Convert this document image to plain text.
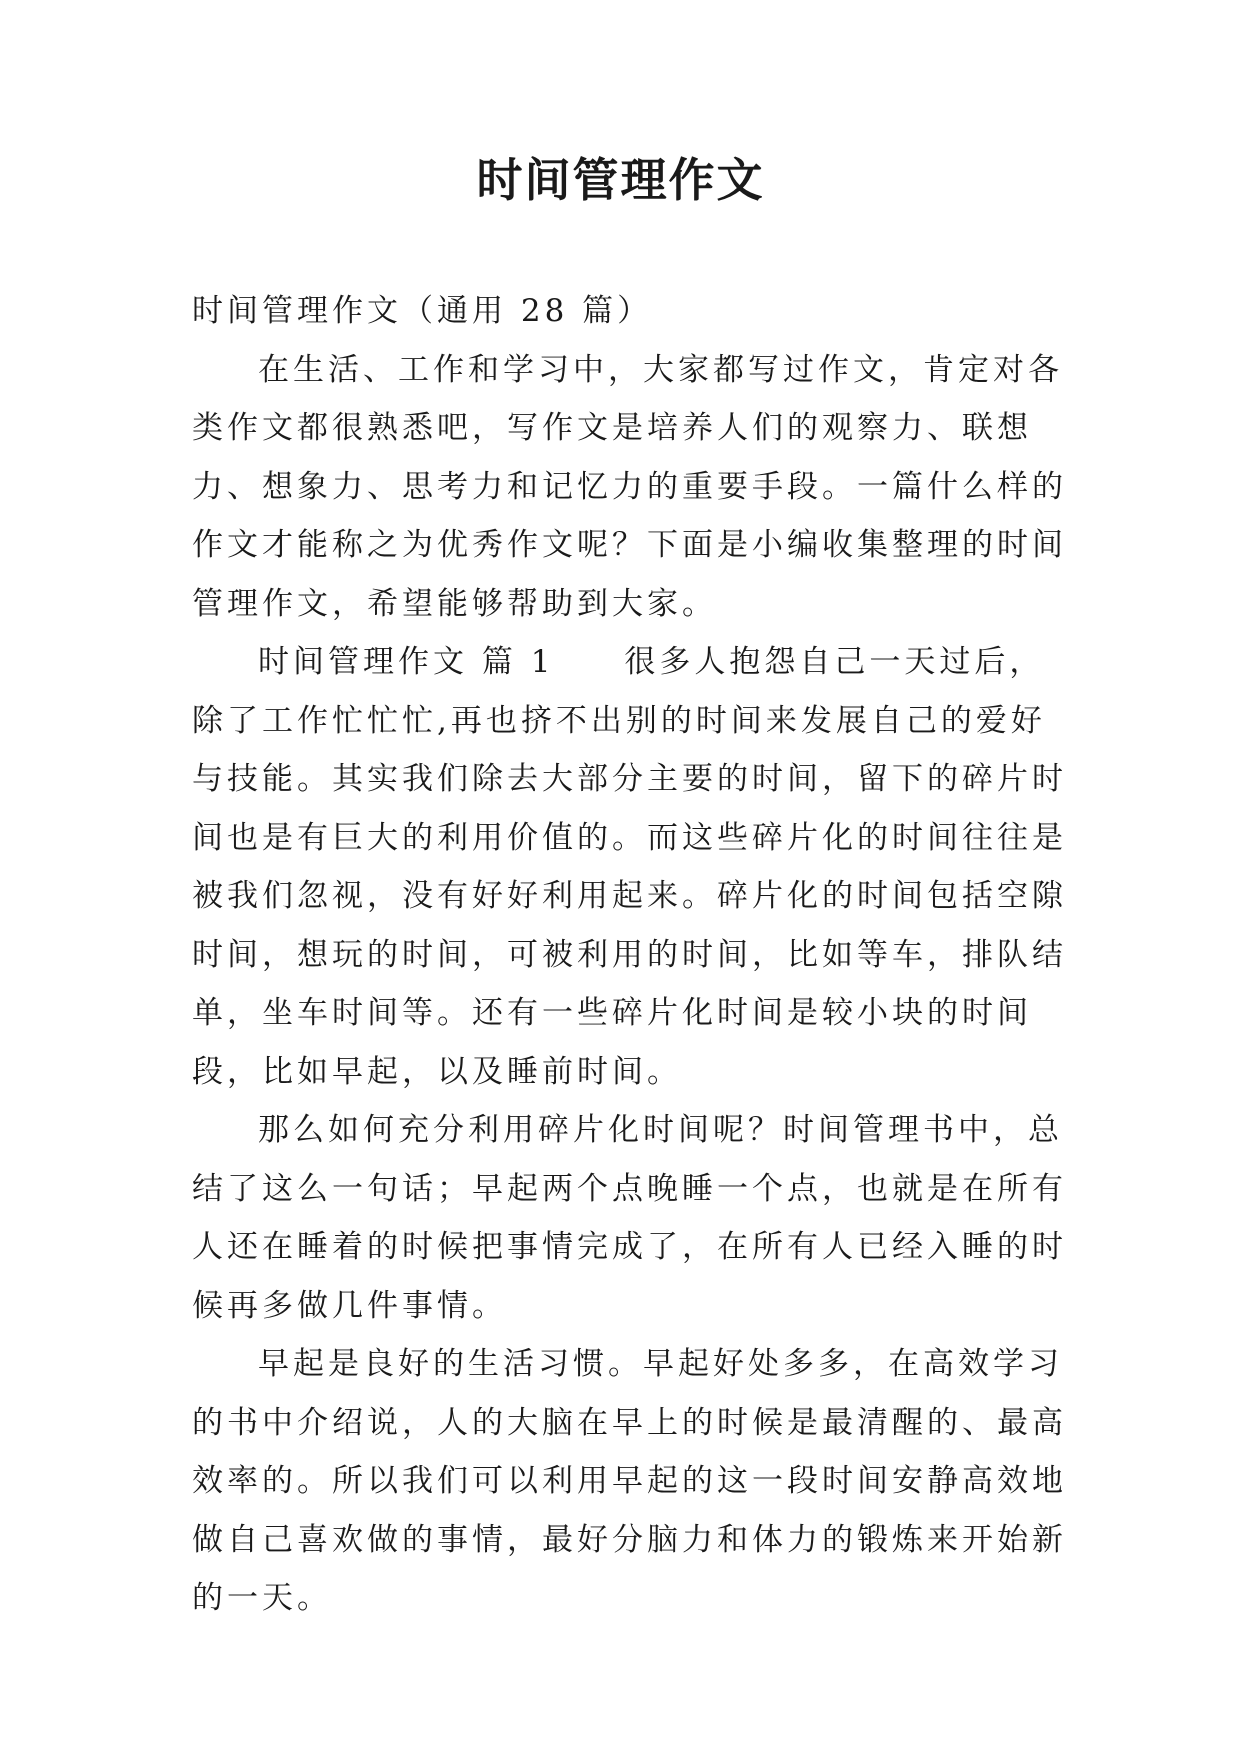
时间管理作文

时间管理作文（通用 28 篇）

在生活、工作和学习中，大家都写过作文，肯定对各类作文都很熟悉吧，写作文是培养人们的观察力、联想力、想象力、思考力和记忆力的重要手段。一篇什么样的作文才能称之为优秀作文呢？下面是小编收集整理的时间管理作文，希望能够帮助到大家。

时间管理作文 篇 1　　很多人抱怨自己一天过后，除了工作忙忙忙,再也挤不出别的时间来发展自己的爱好与技能。其实我们除去大部分主要的时间，留下的碎片时间也是有巨大的利用价值的。而这些碎片化的时间往往是被我们忽视，没有好好利用起来。碎片化的时间包括空隙时间，想玩的时间，可被利用的时间，比如等车，排队结单，坐车时间等。还有一些碎片化时间是较小块的时间段，比如早起，以及睡前时间。

那么如何充分利用碎片化时间呢？时间管理书中，总结了这么一句话；早起两个点晚睡一个点，也就是在所有人还在睡着的时候把事情完成了，在所有人已经入睡的时候再多做几件事情。

早起是良好的生活习惯。早起好处多多，在高效学习的书中介绍说，人的大脑在早上的时候是最清醒的、最高效率的。所以我们可以利用早起的这一段时间安静高效地做自己喜欢做的事情，最好分脑力和体力的锻炼来开始新的一天。
